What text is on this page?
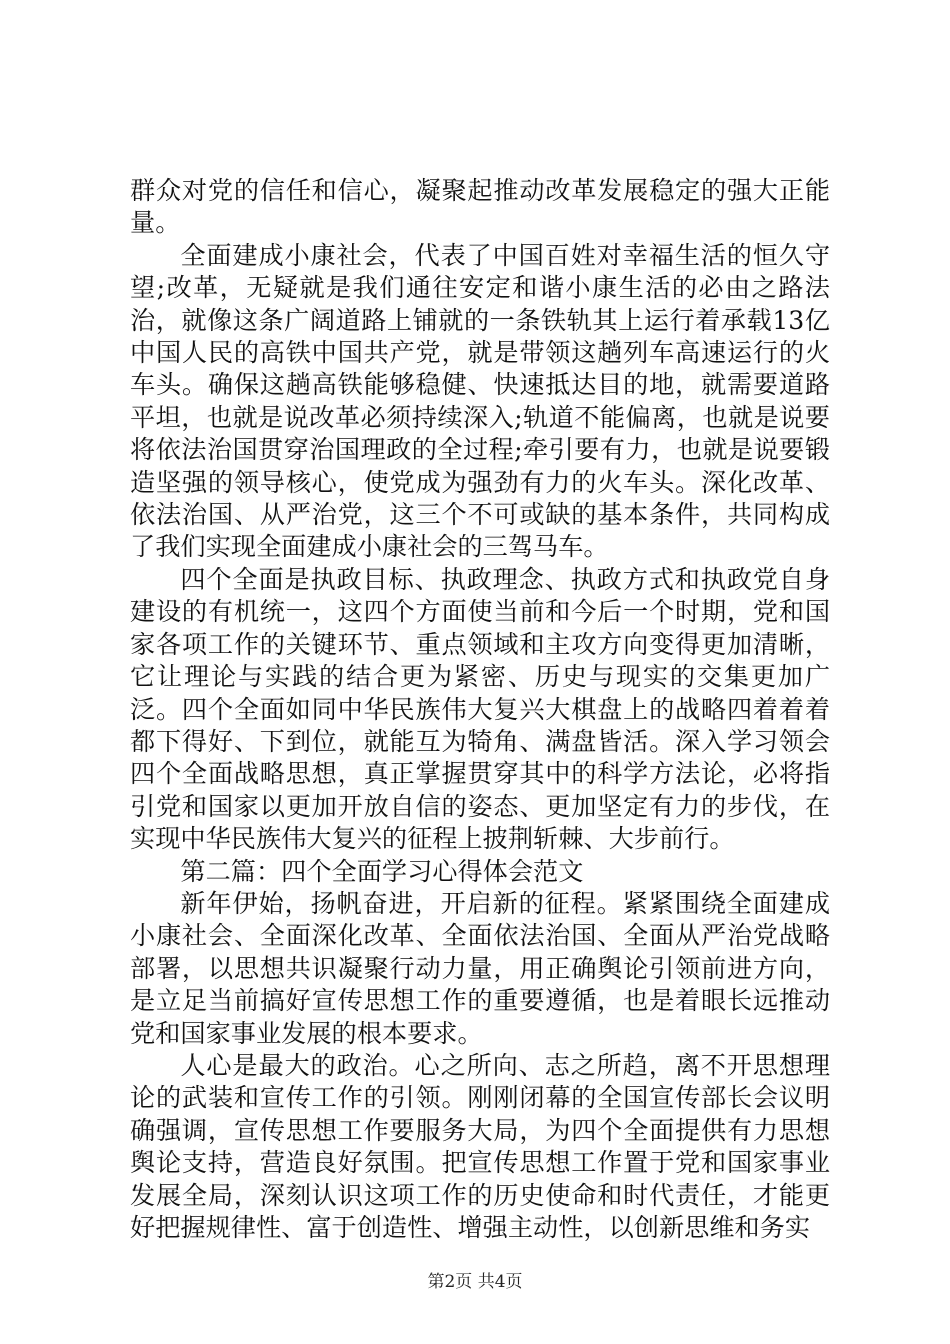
群众对党的信任和信心，凝聚起推动改革发展稳定的强大正能量。

全面建成小康社会，代表了中国百姓对幸福生活的恒久守望;改革，无疑就是我们通往安定和谐小康生活的必由之路法治，就像这条广阔道路上铺就的一条铁轨其上运行着承载13亿中国人民的高铁中国共产党，就是带领这趟列车高速运行的火车头。确保这趟高铁能够稳健、快速抵达目的地，就需要道路平坦，也就是说改革必须持续深入;轨道不能偏离，也就是说要将依法治国贯穿治国理政的全过程;牵引要有力，也就是说要锻造坚强的领导核心，使党成为强劲有力的火车头。深化改革、依法治国、从严治党，这三个不可或缺的基本条件，共同构成了我们实现全面建成小康社会的三驾马车。

四个全面是执政目标、执政理念、执政方式和执政党自身建设的有机统一，这四个方面使当前和今后一个时期，党和国家各项工作的关键环节、重点领域和主攻方向变得更加清晰，它让理论与实践的结合更为紧密、历史与现实的交集更加广泛。四个全面如同中华民族伟大复兴大棋盘上的战略四着着着都下得好、下到位，就能互为犄角、满盘皆活。深入学习领会四个全面战略思想，真正掌握贯穿其中的科学方法论，必将指引党和国家以更加开放自信的姿态、更加坚定有力的步伐，在实现中华民族伟大复兴的征程上披荆斩棘、大步前行。

第二篇：四个全面学习心得体会范文

新年伊始，扬帆奋进，开启新的征程。紧紧围绕全面建成小康社会、全面深化改革、全面依法治国、全面从严治党战略部署，以思想共识凝聚行动力量，用正确舆论引领前进方向，是立足当前搞好宣传思想工作的重要遵循，也是着眼长远推动党和国家事业发展的根本要求。

人心是最大的政治。心之所向、志之所趋，离不开思想理论的武装和宣传工作的引领。刚刚闭幕的全国宣传部长会议明确强调，宣传思想工作要服务大局，为四个全面提供有力思想舆论支持，营造良好氛围。把宣传思想工作置于党和国家事业发展全局，深刻认识这项工作的历史使命和时代责任，才能更好把握规律性、富于创造性、增强主动性，以创新思维和务实

第2页 共4页
